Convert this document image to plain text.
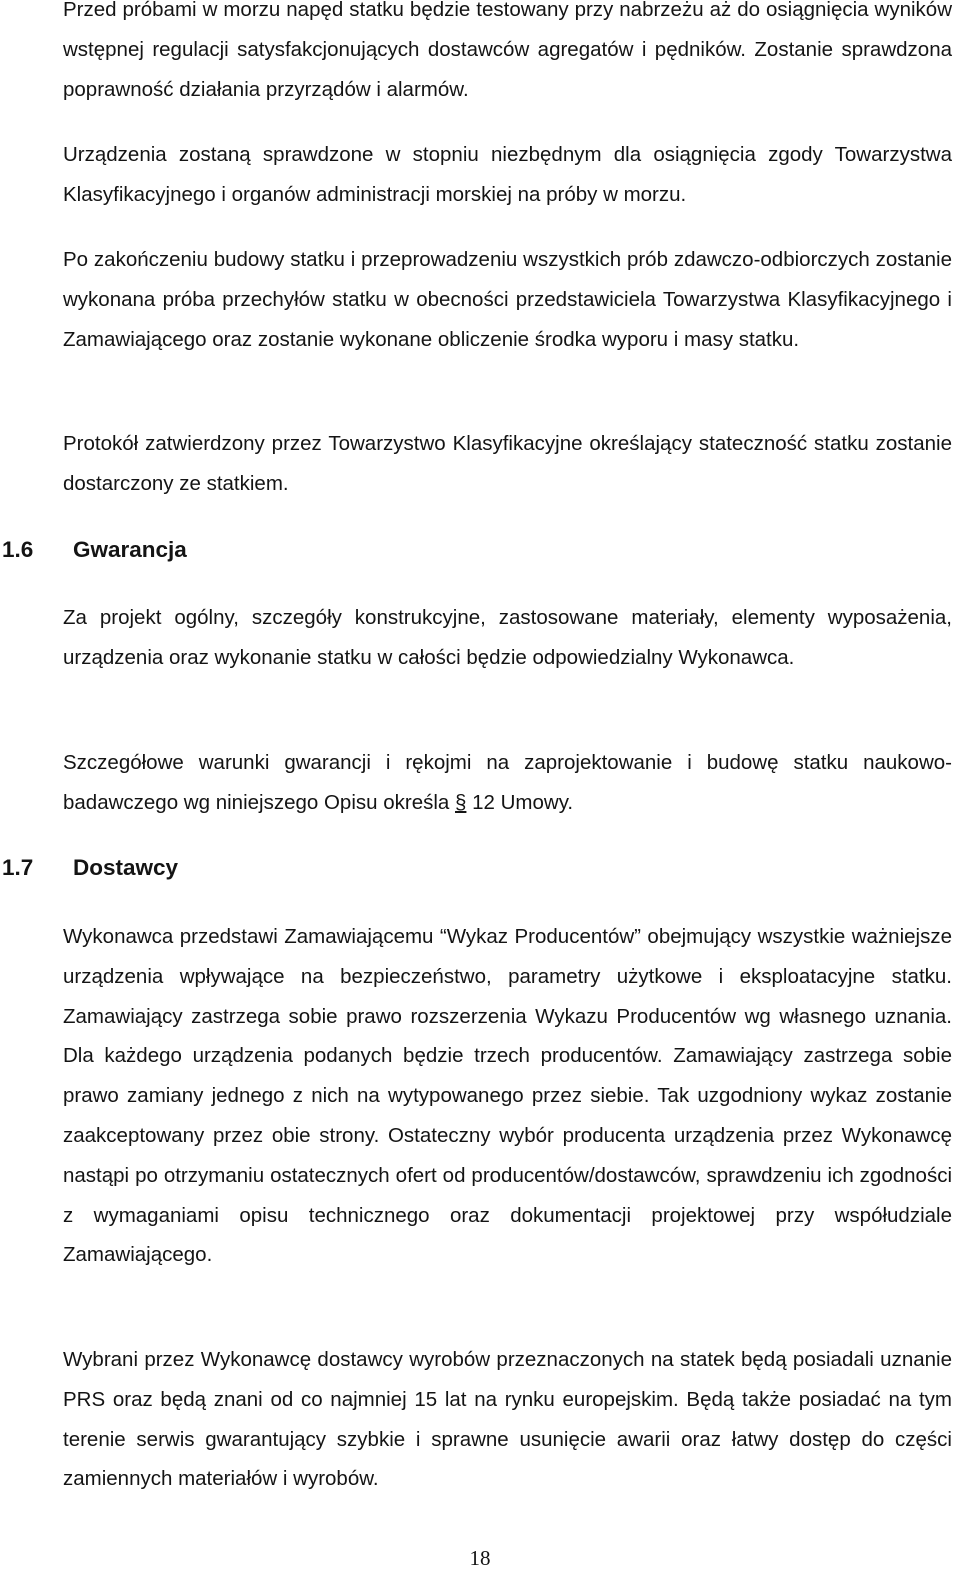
Przed próbami w morzu napęd statku będzie testowany przy nabrzeżu aż do osiągnięcia wyników wstępnej regulacji satysfakcjonujących dostawców agregatów i pędników. Zostanie sprawdzona poprawność działania przyrządów i alarmów.

Urządzenia zostaną sprawdzone w stopniu niezbędnym dla osiągnięcia zgody Towarzystwa Klasyfikacyjnego i organów administracji morskiej na próby w morzu.

Po zakończeniu budowy statku i przeprowadzeniu wszystkich prób zdawczo-odbiorczych zostanie wykonana próba przechyłów statku w obecności przedstawiciela Towarzystwa Klasyfikacyjnego i Zamawiającego oraz zostanie wykonane obliczenie środka wyporu i masy statku.

Protokół zatwierdzony przez Towarzystwo Klasyfikacyjne określający stateczność statku zostanie dostarczony ze statkiem.

1.6 Gwarancja

Za projekt ogólny, szczegóły konstrukcyjne, zastosowane materiały, elementy wyposażenia, urządzenia oraz wykonanie statku w całości będzie odpowiedzialny Wykonawca.

Szczegółowe warunki gwarancji i rękojmi na zaprojektowanie i budowę statku naukowo-badawczego wg niniejszego Opisu określa § 12 Umowy.

1.7 Dostawcy

Wykonawca przedstawi Zamawiającemu “Wykaz Producentów” obejmujący wszystkie ważniejsze urządzenia wpływające na bezpieczeństwo, parametry użytkowe i eksploatacyjne statku. Zamawiający zastrzega sobie prawo rozszerzenia Wykazu Producentów wg własnego uznania. Dla każdego urządzenia podanych będzie trzech producentów. Zamawiający zastrzega sobie prawo zamiany jednego z nich na wytypowanego przez siebie. Tak uzgodniony wykaz zostanie zaakceptowany przez obie strony. Ostateczny wybór producenta urządzenia przez Wykonawcę nastąpi po otrzymaniu ostatecznych ofert od producentów/dostawców, sprawdzeniu ich zgodności z wymaganiami opisu technicznego oraz dokumentacji projektowej przy współudziale Zamawiającego.

Wybrani przez Wykonawcę dostawcy wyrobów przeznaczonych na statek będą posiadali uznanie PRS oraz będą znani od co najmniej 15 lat na rynku europejskim. Będą także posiadać na tym terenie serwis gwarantujący szybkie i sprawne usunięcie awarii oraz łatwy dostęp do części zamiennych materiałów i wyrobów.

18
